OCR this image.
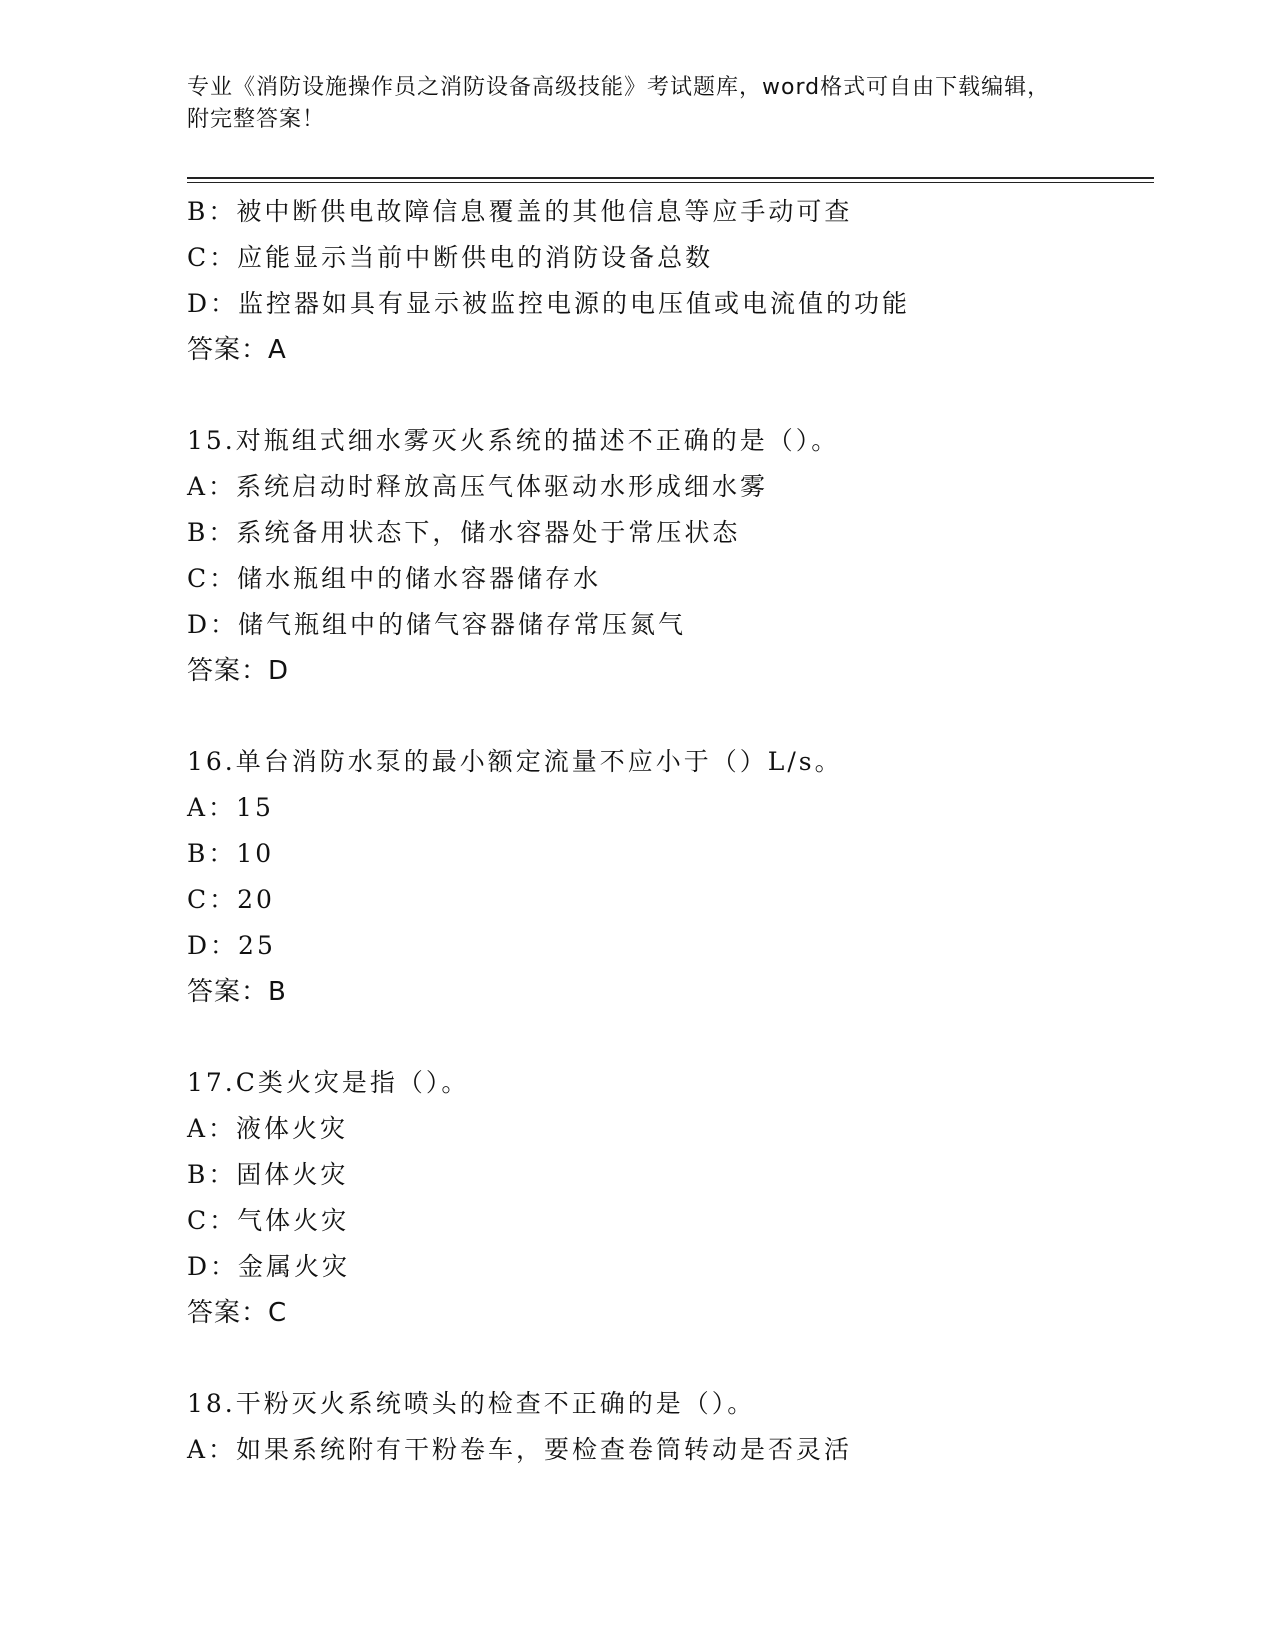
专业《消防设施操作员之消防设备高级技能》考试题库，word格式可自由下载编辑，附完整答案！
B：被中断供电故障信息覆盖的其他信息等应手动可查
C：应能显示当前中断供电的消防设备总数
D：监控器如具有显示被监控电源的电压值或电流值的功能
答案：A
15.对瓶组式细水雾灭火系统的描述不正确的是（）。
A：系统启动时释放高压气体驱动水形成细水雾
B：系统备用状态下，储水容器处于常压状态
C：储水瓶组中的储水容器储存水
D：储气瓶组中的储气容器储存常压氮气
答案：D
16.单台消防水泵的最小额定流量不应小于（）L/s。
A：15
B：10
C：20
D：25
答案：B
17.C类火灾是指（）。
A：液体火灾
B：固体火灾
C：气体火灾
D：金属火灾
答案：C
18.干粉灭火系统喷头的检查不正确的是（）。
A：如果系统附有干粉卷车，要检查卷筒转动是否灵活
